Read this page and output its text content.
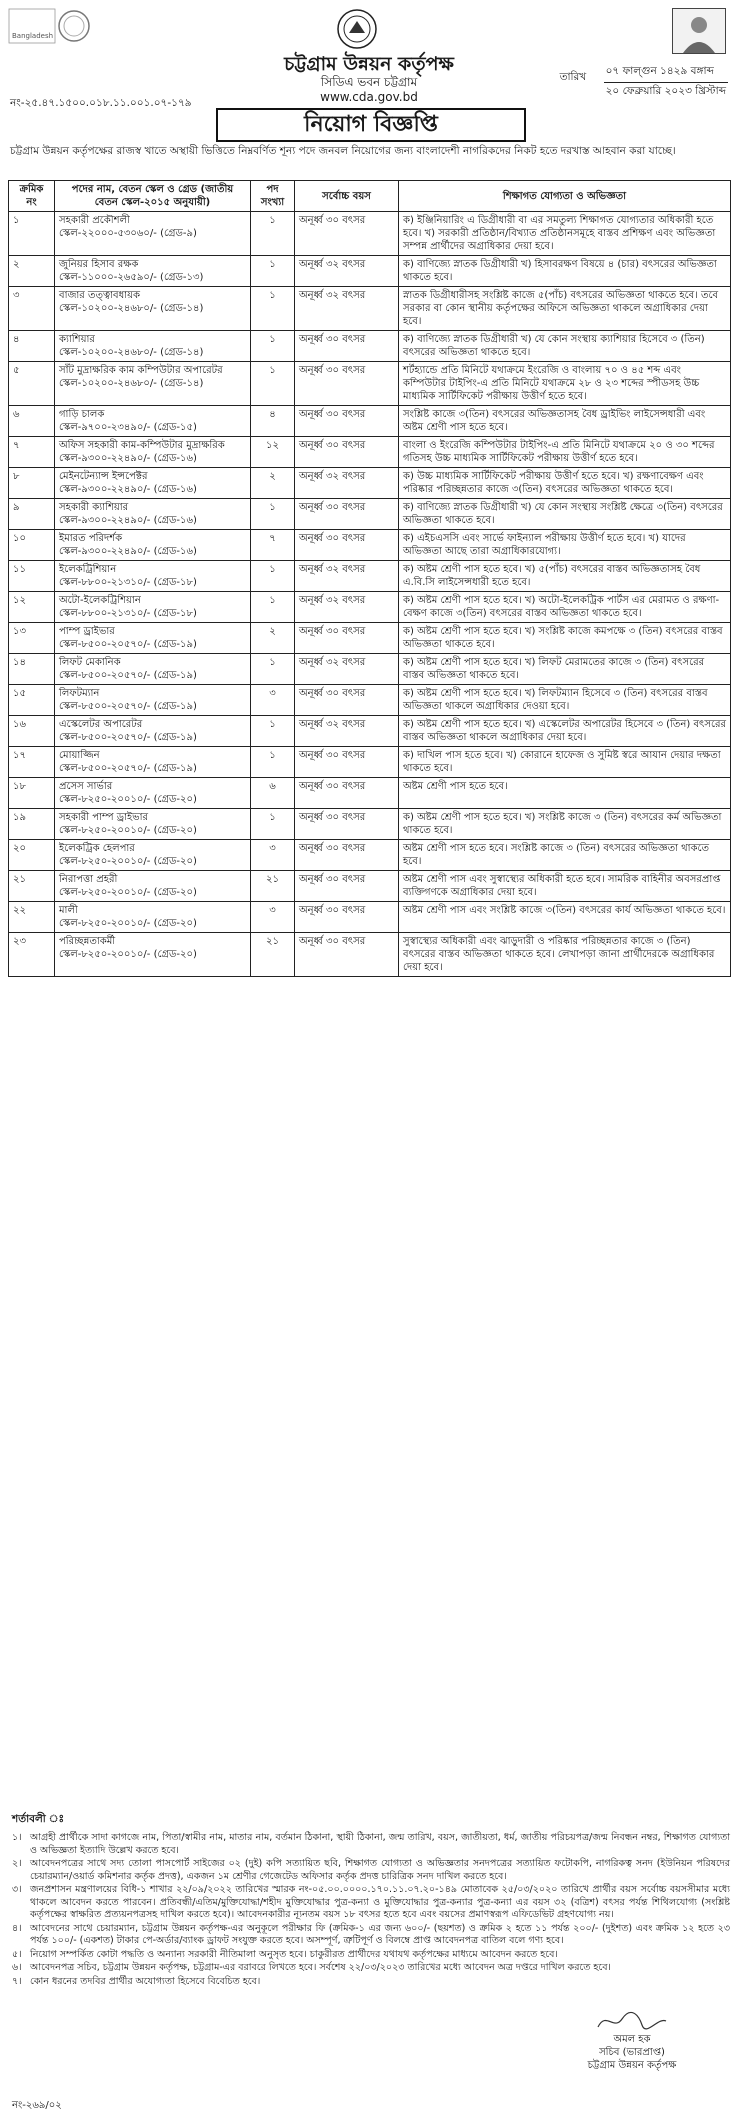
Bangladesh
চট্টগ্রাম উন্নয়ন কর্তৃপক্ষ
সিডিএ ভবন চট্টগ্রাম
www.cda.gov.bd
নং-২৫.৪৭.১৫০০.০১৮.১১.০০১.০৭-১৭৯
তারিখ ০৭ ফাল্গুন ১৪২৯ বঙ্গাব্দ
২০ ফেব্রুয়ারি ২০২৩ খ্রিস্টাব্দ
নিয়োগ বিজ্ঞপ্তি
চট্টগ্রাম উন্নয়ন কর্তৃপক্ষের রাজস্ব খাতে অস্থায়ী ভিত্তিতে নিম্নবর্ণিত শূন্য পদে জনবল নিয়োগের জন্য বাংলাদেশী নাগরিকদের নিকট হতে দরখাস্ত আহবান করা যাচ্ছে।
ক্রমিক নং	পদের নাম, বেতন স্কেল ও গ্রেড (জাতীয় বেতন স্কেল-২০১৫ অনুযায়ী)	পদ সংখ্যা	সর্বোচ্চ বয়স	শিক্ষাগত যোগ্যতা ও অভিজ্ঞতা
১	সহকারী প্রকৌশলী
স্কেল-২২০০০-৫৩০৬০/- (গ্রেড-৯)	১	অনূর্ধ্ব ৩০ বৎসর	ক) ইঞ্জিনিয়ারিং এ ডিগ্রীধারী বা এর সমতুল্য শিক্ষাগত যোগ্যতার অধিকারী হতে হবে। খ) সরকারী প্রতিষ্ঠান/বিখ্যাত প্রতিষ্ঠানসমূহে বাস্তব প্রশিক্ষণ এবং অভিজ্ঞতা সম্পন্ন প্রার্থীদের অগ্রাধিকার দেয়া হবে।
২	জুনিয়র হিসাব রক্ষক
স্কেল-১১০০০-২৬৫৯০/- (গ্রেড-১৩)	১	অনূর্ধ্ব ৩২ বৎসর	ক) বাণিজ্যে স্নাতক ডিগ্রীধারী খ) হিসাবরক্ষণ বিষয়ে ৪ (চার) বৎসরের অভিজ্ঞতা থাকতে হবে।
৩	বাজার তত্ত্বাবধায়ক
স্কেল-১০২০০-২৪৬৮০/- (গ্রেড-১৪)	১	অনূর্ধ্ব ৩২ বৎসর	স্নাতক ডিগ্রীধারীসহ সংশ্লিষ্ট কাজে ৫(পাঁচ) বৎসরের অভিজ্ঞতা থাকতে হবে। তবে সরকার বা কোন স্থানীয় কর্তৃপক্ষের অফিসে অভিজ্ঞতা থাকলে অগ্রাধিকার দেয়া হবে।
৪	ক্যাশিয়ার
স্কেল-১০২০০-২৪৬৮০/- (গ্রেড-১৪)	১	অনূর্ধ্ব ৩০ বৎসর	ক) বাণিজ্যে স্নাতক ডিগ্রীধারী খ) যে কোন সংস্থায় ক্যাশিয়ার হিসেবে ৩ (তিন) বৎসরের অভিজ্ঞতা থাকতে হবে।
৫	সাঁট মুদ্রাক্ষরিক কাম কম্পিউটার অপারেটর
স্কেল-১০২০০-২৪৬৮০/- (গ্রেড-১৪)	১	অনূর্ধ্ব ৩০ বৎসর	শর্টহ্যান্ডে প্রতি মিনিটে যথাক্রমে ইংরেজি ও বাংলায় ৭০ ও ৪৫ শব্দ এবং কম্পিউটার টাইপিং-এ প্রতি মিনিটে যথাক্রমে ২৮ ও ২৩ শব্দের স্পীডসহ উচ্চ মাধ্যমিক সার্টিফিকেট পরীক্ষায় উত্তীর্ণ হতে হবে।
৬	গাড়ি চালক
স্কেল-৯৭০০-২৩৪৯০/- (গ্রেড-১৫)	৪	অনূর্ধ্ব ৩০ বৎসর	সংশ্লিষ্ট কাজে ৩(তিন) বৎসরের অভিজ্ঞতাসহ বৈধ ড্রাইভিং লাইসেন্সধারী এবং অষ্টম শ্রেণী পাস হতে হবে।
৭	অফিস সহকারী কাম-কম্পিউটার মুদ্রাক্ষরিক
স্কেল-৯৩০০-২২৪৯০/- (গ্রেড-১৬)	১২	অনূর্ধ্ব ৩০ বৎসর	বাংলা ও ইংরেজি কম্পিউটার টাইপিং-এ প্রতি মিনিটে যথাক্রমে ২০ ও ৩০ শব্দের গতিসহ উচ্চ মাধ্যমিক সার্টিফিকেট পরীক্ষায় উত্তীর্ণ হতে হবে।
৮	মেইনটেন্যান্স ইন্সপেক্টর
স্কেল-৯৩০০-২২৪৯০/- (গ্রেড-১৬)	২	অনূর্ধ্ব ৩২ বৎসর	ক) উচ্চ মাধ্যমিক সার্টিফিকেট পরীক্ষায় উত্তীর্ণ হতে হবে। খ) রক্ষণাবেক্ষণ এবং পরিষ্কার পরিচ্ছন্নতার কাজে ৩(তিন) বৎসরের অভিজ্ঞতা থাকতে হবে।
৯	সহকারী ক্যাশিয়ার
স্কেল-৯৩০০-২২৪৯০/- (গ্রেড-১৬)	১	অনূর্ধ্ব ৩০ বৎসর	ক) বাণিজ্যে স্নাতক ডিগ্রীধারী খ) যে কোন সংস্থায় সংশ্লিষ্ট ক্ষেত্রে ৩(তিন) বৎসরের অভিজ্ঞতা থাকতে হবে।
১০	ইমারত পরিদর্শক
স্কেল-৯৩০০-২২৪৯০/- (গ্রেড-১৬)	৭	অনূর্ধ্ব ৩০ বৎসর	ক) এইচএসসি এবং সার্ভে ফাইন্যাল পরীক্ষায় উত্তীর্ণ হতে হবে। খ) যাদের অভিজ্ঞতা আছে তারা অগ্রাধিকারযোগ্য।
১১	ইলেকট্রিশিয়ান
স্কেল-৮৮০০-২১৩১০/- (গ্রেড-১৮)	১	অনূর্ধ্ব ৩২ বৎসর	ক) অষ্টম শ্রেণী পাস হতে হবে। খ) ৫(পাঁচ) বৎসরের বাস্তব অভিজ্ঞতাসহ বৈধ এ.বি.সি লাইসেন্সধারী হতে হবে।
১২	অটো-ইলেকট্রিশিয়ান
স্কেল-৮৮০০-২১৩১০/- (গ্রেড-১৮)	১	অনূর্ধ্ব ৩২ বৎসর	ক) অষ্টম শ্রেণী পাস হতে হবে। খ) অটো-ইলেকট্রিক পার্টস এর মেরামত ও রক্ষণা-বেক্ষণ কাজে ৩(তিন) বৎসরের বাস্তব অভিজ্ঞতা থাকতে হবে।
১৩	পাম্প ড্রাইভার
স্কেল-৮৫০০-২০৫৭০/- (গ্রেড-১৯)	২	অনূর্ধ্ব ৩০ বৎসর	ক) অষ্টম শ্রেণী পাস হতে হবে। খ) সংশ্লিষ্ট কাজে কমপক্ষে ৩ (তিন) বৎসরের বাস্তব অভিজ্ঞতা থাকতে হবে।
১৪	লিফট মেকানিক
স্কেল-৮৫০০-২০৫৭০/- (গ্রেড-১৯)	১	অনূর্ধ্ব ৩২ বৎসর	ক) অষ্টম শ্রেণী পাস হতে হবে। খ) লিফট মেরামতের কাজে ৩ (তিন) বৎসরের বাস্তব অভিজ্ঞতা থাকতে হবে।
১৫	লিফটম্যান
স্কেল-৮৫০০-২০৫৭০/- (গ্রেড-১৯)	৩	অনূর্ধ্ব ৩০ বৎসর	ক) অষ্টম শ্রেণী পাস হতে হবে। খ) লিফটম্যান হিসেবে ৩ (তিন) বৎসরের বাস্তব অভিজ্ঞতা থাকলে অগ্রাধিকার দেওয়া হবে।
১৬	এস্কেলেটর অপারেটর
স্কেল-৮৫০০-২০৫৭০/- (গ্রেড-১৯)	১	অনূর্ধ্ব ৩২ বৎসর	ক) অষ্টম শ্রেণী পাস হতে হবে। খ) এস্কেলেটর অপারেটর হিসেবে ৩ (তিন) বৎসরের বাস্তব অভিজ্ঞতা থাকলে অগ্রাধিকার দেয়া হবে।
১৭	মোয়াজ্জিন
স্কেল-৮৫০০-২০৫৭০/- (গ্রেড-১৯)	১	অনূর্ধ্ব ৩০ বৎসর	ক) দাখিল পাস হতে হবে। খ) কোরানে হাফেজ ও সুমিষ্ট স্বরে আযান দেয়ার দক্ষতা থাকতে হবে।
১৮	প্রসেস সার্ভার
স্কেল-৮২৫০-২০০১০/- (গ্রেড-২০)	৬	অনূর্ধ্ব ৩০ বৎসর	অষ্টম শ্রেণী পাস হতে হবে।
১৯	সহকারী পাম্প ড্রাইভার
স্কেল-৮২৫০-২০০১০/- (গ্রেড-২০)	১	অনূর্ধ্ব ৩০ বৎসর	ক) অষ্টম শ্রেণী পাস হতে হবে। খ) সংশ্লিষ্ট কাজে ৩ (তিন) বৎসরের কর্ম অভিজ্ঞতা থাকতে হবে।
২০	ইলেকট্রিক হেলপার
স্কেল-৮২৫০-২০০১০/- (গ্রেড-২০)	৩	অনূর্ধ্ব ৩০ বৎসর	অষ্টম শ্রেণী পাস হতে হবে। সংশ্লিষ্ট কাজে ৩ (তিন) বৎসরের অভিজ্ঞতা থাকতে হবে।
২১	নিরাপত্তা প্রহরী
স্কেল-৮২৫০-২০০১০/- (গ্রেড-২০)	২১	অনূর্ধ্ব ৩০ বৎসর	অষ্টম শ্রেণী পাস এবং সুস্বাস্থ্যের অধিকারী হতে হবে। সামরিক বাহিনীর অবসরপ্রাপ্ত ব্যক্তিগণকে অগ্রাধিকার দেয়া হবে।
২২	মালী
স্কেল-৮২৫০-২০০১০/- (গ্রেড-২০)	৩	অনূর্ধ্ব ৩০ বৎসর	অষ্টম শ্রেণী পাস এবং সংশ্লিষ্ট কাজে ৩(তিন) বৎসরের কার্য অভিজ্ঞতা থাকতে হবে।
২৩	পরিচ্ছন্নতাকর্মী
স্কেল-৮২৫০-২০০১০/- (গ্রেড-২০)	২১	অনূর্ধ্ব ৩০ বৎসর	সুস্বাস্থ্যের অধিকারী এবং ঝাড়ুদারী ও পরিষ্কার পরিচ্ছন্নতার কাজে ৩ (তিন) বৎসরের বাস্তব অভিজ্ঞতা থাকতে হবে। লেখাপড়া জানা প্রার্থীদেরকে অগ্রাধিকার দেয়া হবে।
শর্তাবলী ঃ
১। আগ্রহী প্রার্থীকে সাদা কাগজে নাম, পিতা/স্বামীর নাম, মাতার নাম, বর্তমান ঠিকানা, স্থায়ী ঠিকানা, জন্ম তারিখ, বয়স, জাতীয়তা, ধর্ম, জাতীয় পরিচয়পত্র/জন্ম নিবন্ধন নম্বর, শিক্ষাগত যোগ্যতা ও অভিজ্ঞতা ইত্যাদি উল্লেখ করতে হবে।
২। আবেদনপত্রের সাথে সদ্য তোলা পাসপোর্ট সাইজের ০২ (দুই) কপি সত্যায়িত ছবি, শিক্ষাগত যোগ্যতা ও অভিজ্ঞতার সনদপত্রের সত্যায়িত ফটোকপি, নাগরিকত্ব সনদ (ইউনিয়ন পরিষদের চেয়ারম্যান/ওয়ার্ড কমিশনার কর্তৃক প্রদত্ত), একজন ১ম শ্রেণীর গেজেটেড অফিসার কর্তৃক প্রদত্ত চারিত্রিক সনদ দাখিল করতে হবে।
৩। জনপ্রশাসন মন্ত্রণালয়ের বিধি-১ শাখার ২২/০৯/২০২২ তারিখের স্মারক নং-০৫.০০.০০০০.১৭০.১১.০৭.২০-১৪৯ মোতাবেক ২৫/০৩/২০২০ তারিখে প্রার্থীর বয়স সর্বোচ্চ বয়সসীমার মধ্যে থাকলে আবেদন করতে পারবেন। প্রতিবন্ধী/এতিম/মুক্তিযোদ্ধা/শহীদ মুক্তিযোদ্ধার পুত্র-কন্যা ও মুক্তিযোদ্ধার পুত্র-কন্যার পুত্র-কন্যা এর বয়স ৩২ (বত্রিশ) বৎসর পর্যন্ত শিথিলযোগ্য (সংশ্লিষ্ট কর্তৃপক্ষের স্বাক্ষরিত প্রত্যয়নপত্রসহ দাখিল করতে হবে)। আবেদনকারীর ন্যূনতম বয়স ১৮ বৎসর হতে হবে এবং বয়সের প্রমাণস্বরূপ এফিডেভিট গ্রহণযোগ্য নয়।
৪। আবেদনের সাথে চেয়ারম্যান, চট্টগ্রাম উন্নয়ন কর্তৃপক্ষ-এর অনুকূলে পরীক্ষার ফি (ক্রমিক-১ এর জন্য ৬০০/- (ছয়শত) ও ক্রমিক ২ হতে ১১ পর্যন্ত ২০০/- (দুইশত) এবং ক্রমিক ১২ হতে ২৩ পর্যন্ত ১০০/- (একশত) টাকার পে-অর্ডার/ব্যাংক ড্রাফট সংযুক্ত করতে হবে। অসম্পূর্ণ, ত্রুটিপূর্ণ ও বিলম্বে প্রাপ্ত আবেদনপত্র বাতিল বলে গণ্য হবে।
৫। নিয়োগ সম্পর্কিত কোটা পদ্ধতি ও অন্যান্য সরকারী নীতিমালা অনুসৃত হবে। চাকুরীরত প্রার্থীদের যথাযথ কর্তৃপক্ষের মাধ্যমে আবেদন করতে হবে।
৬। আবেদনপত্র সচিব, চট্টগ্রাম উন্নয়ন কর্তৃপক্ষ, চট্টগ্রাম-এর বরাবরে লিখতে হবে। সর্বশেষ ২২/০৩/২০২৩ তারিখের মধ্যে আবেদন অত্র দপ্তরে দাখিল করতে হবে।
৭। কোন ধরনের তদবির প্রার্থীর অযোগ্যতা হিসেবে বিবেচিত হবে।
অমল হক
সচিব (ভারপ্রাপ্ত)
চট্টগ্রাম উন্নয়ন কর্তৃপক্ষ
নং-২৬৯/০২
